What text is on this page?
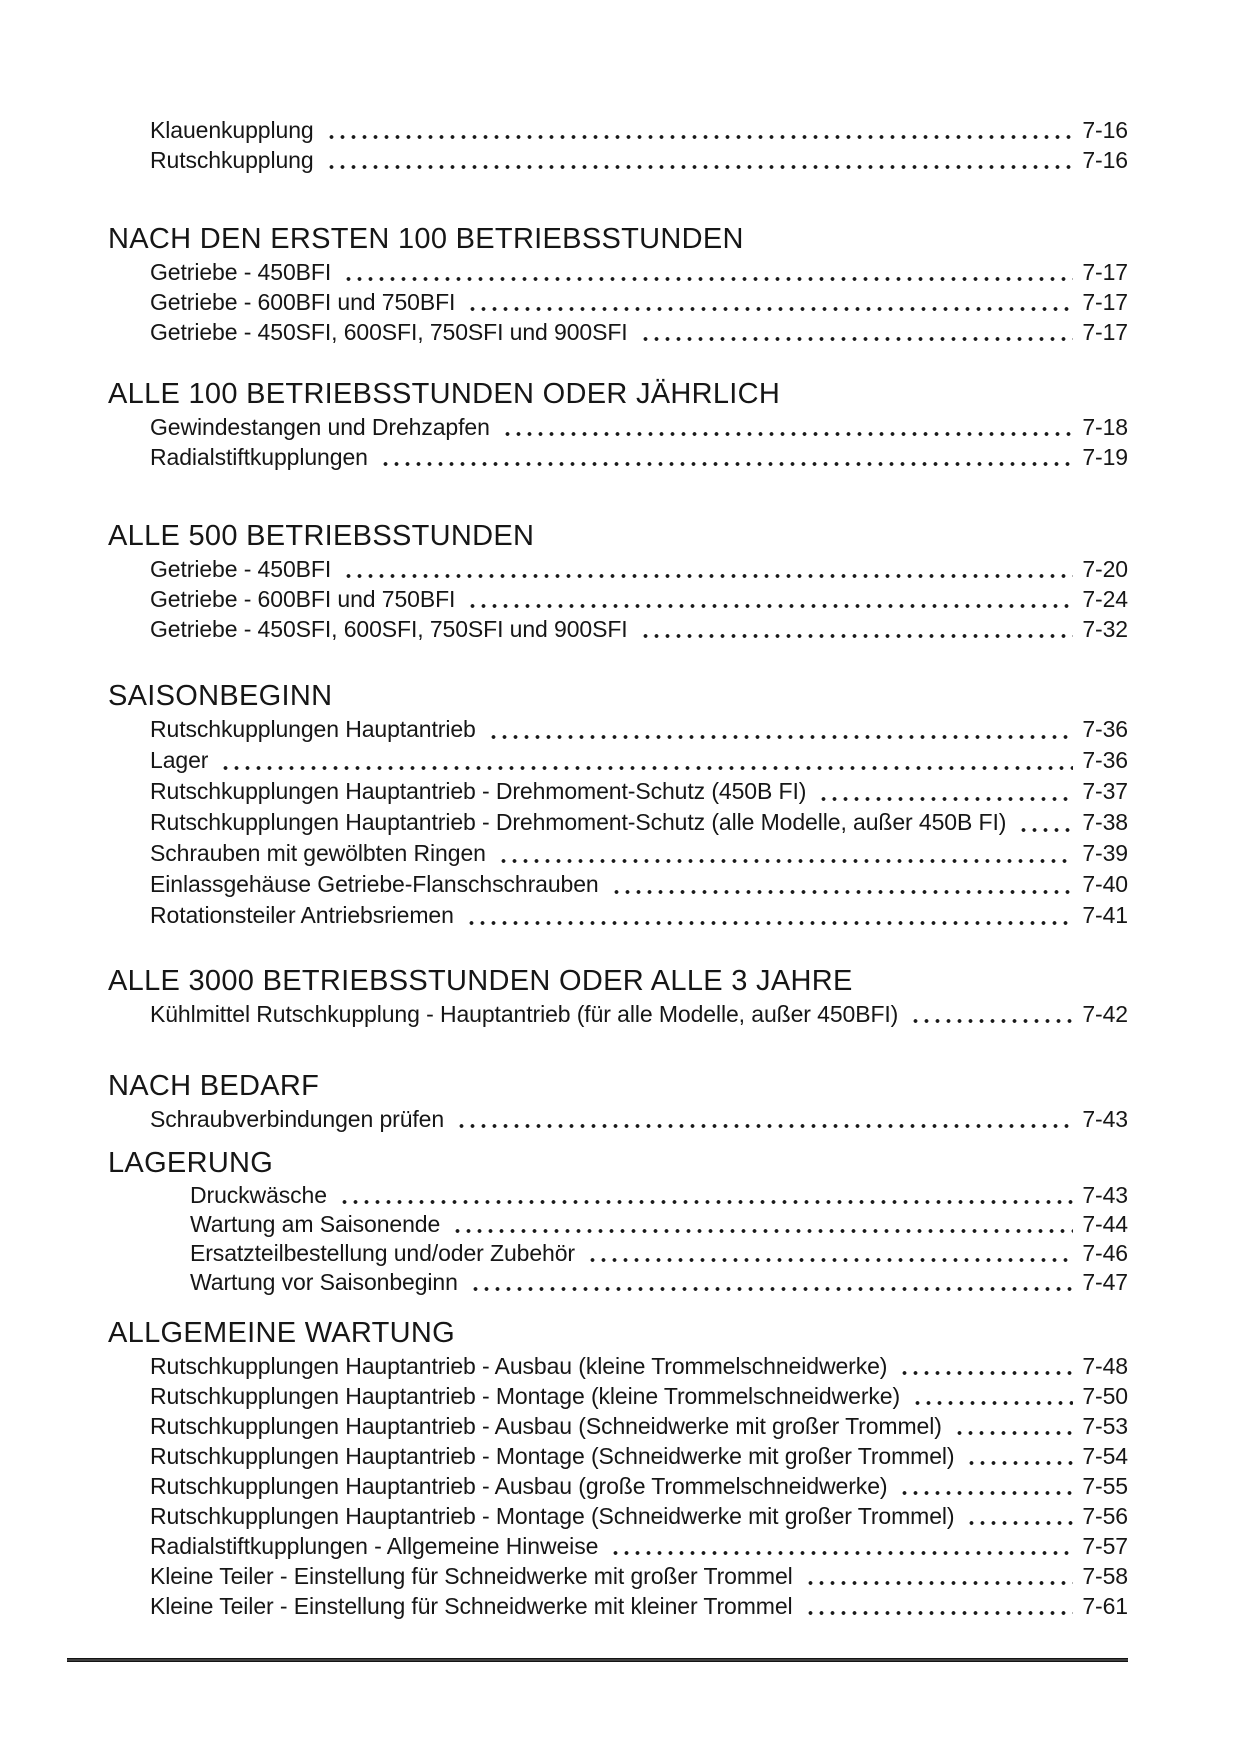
Klauenkupplung	7-16
Rutschkupplung	7-16
NACH DEN ERSTEN 100 BETRIEBSSTUNDEN
Getriebe - 450BFI	7-17
Getriebe - 600BFI und 750BFI	7-17
Getriebe - 450SFI, 600SFI, 750SFI und 900SFI	7-17
ALLE 100 BETRIEBSSTUNDEN ODER JÄHRLICH
Gewindestangen und Drehzapfen	7-18
Radialstiftkupplungen	7-19
ALLE 500 BETRIEBSSTUNDEN
Getriebe - 450BFI	7-20
Getriebe - 600BFI und 750BFI	7-24
Getriebe - 450SFI, 600SFI, 750SFI und 900SFI	7-32
SAISONBEGINN
Rutschkupplungen Hauptantrieb	7-36
Lager	7-36
Rutschkupplungen Hauptantrieb - Drehmoment-Schutz (450B FI)	7-37
Rutschkupplungen Hauptantrieb - Drehmoment-Schutz (alle Modelle, außer 450B FI)	7-38
Schrauben mit gewölbten Ringen	7-39
Einlassgehäuse Getriebe-Flanschschrauben	7-40
Rotationsteiler Antriebsriemen	7-41
ALLE 3000 BETRIEBSSTUNDEN ODER ALLE 3 JAHRE
Kühlmittel Rutschkupplung - Hauptantrieb (für alle Modelle, außer 450BFI)	7-42
NACH BEDARF
Schraubverbindungen prüfen	7-43
LAGERUNG
Druckwäsche	7-43
Wartung am Saisonende	7-44
Ersatzteilbestellung und/oder Zubehör	7-46
Wartung vor Saisonbeginn	7-47
ALLGEMEINE WARTUNG
Rutschkupplungen Hauptantrieb - Ausbau (kleine Trommelschneidwerke)	7-48
Rutschkupplungen Hauptantrieb - Montage (kleine Trommelschneidwerke)	7-50
Rutschkupplungen Hauptantrieb - Ausbau (Schneidwerke mit großer Trommel)	7-53
Rutschkupplungen Hauptantrieb - Montage (Schneidwerke mit großer Trommel)	7-54
Rutschkupplungen Hauptantrieb - Ausbau (große Trommelschneidwerke)	7-55
Rutschkupplungen Hauptantrieb - Montage (Schneidwerke mit großer Trommel)	7-56
Radialstiftkupplungen - Allgemeine Hinweise	7-57
Kleine Teiler - Einstellung für Schneidwerke mit großer Trommel	7-58
Kleine Teiler - Einstellung für Schneidwerke mit kleiner Trommel	7-61
